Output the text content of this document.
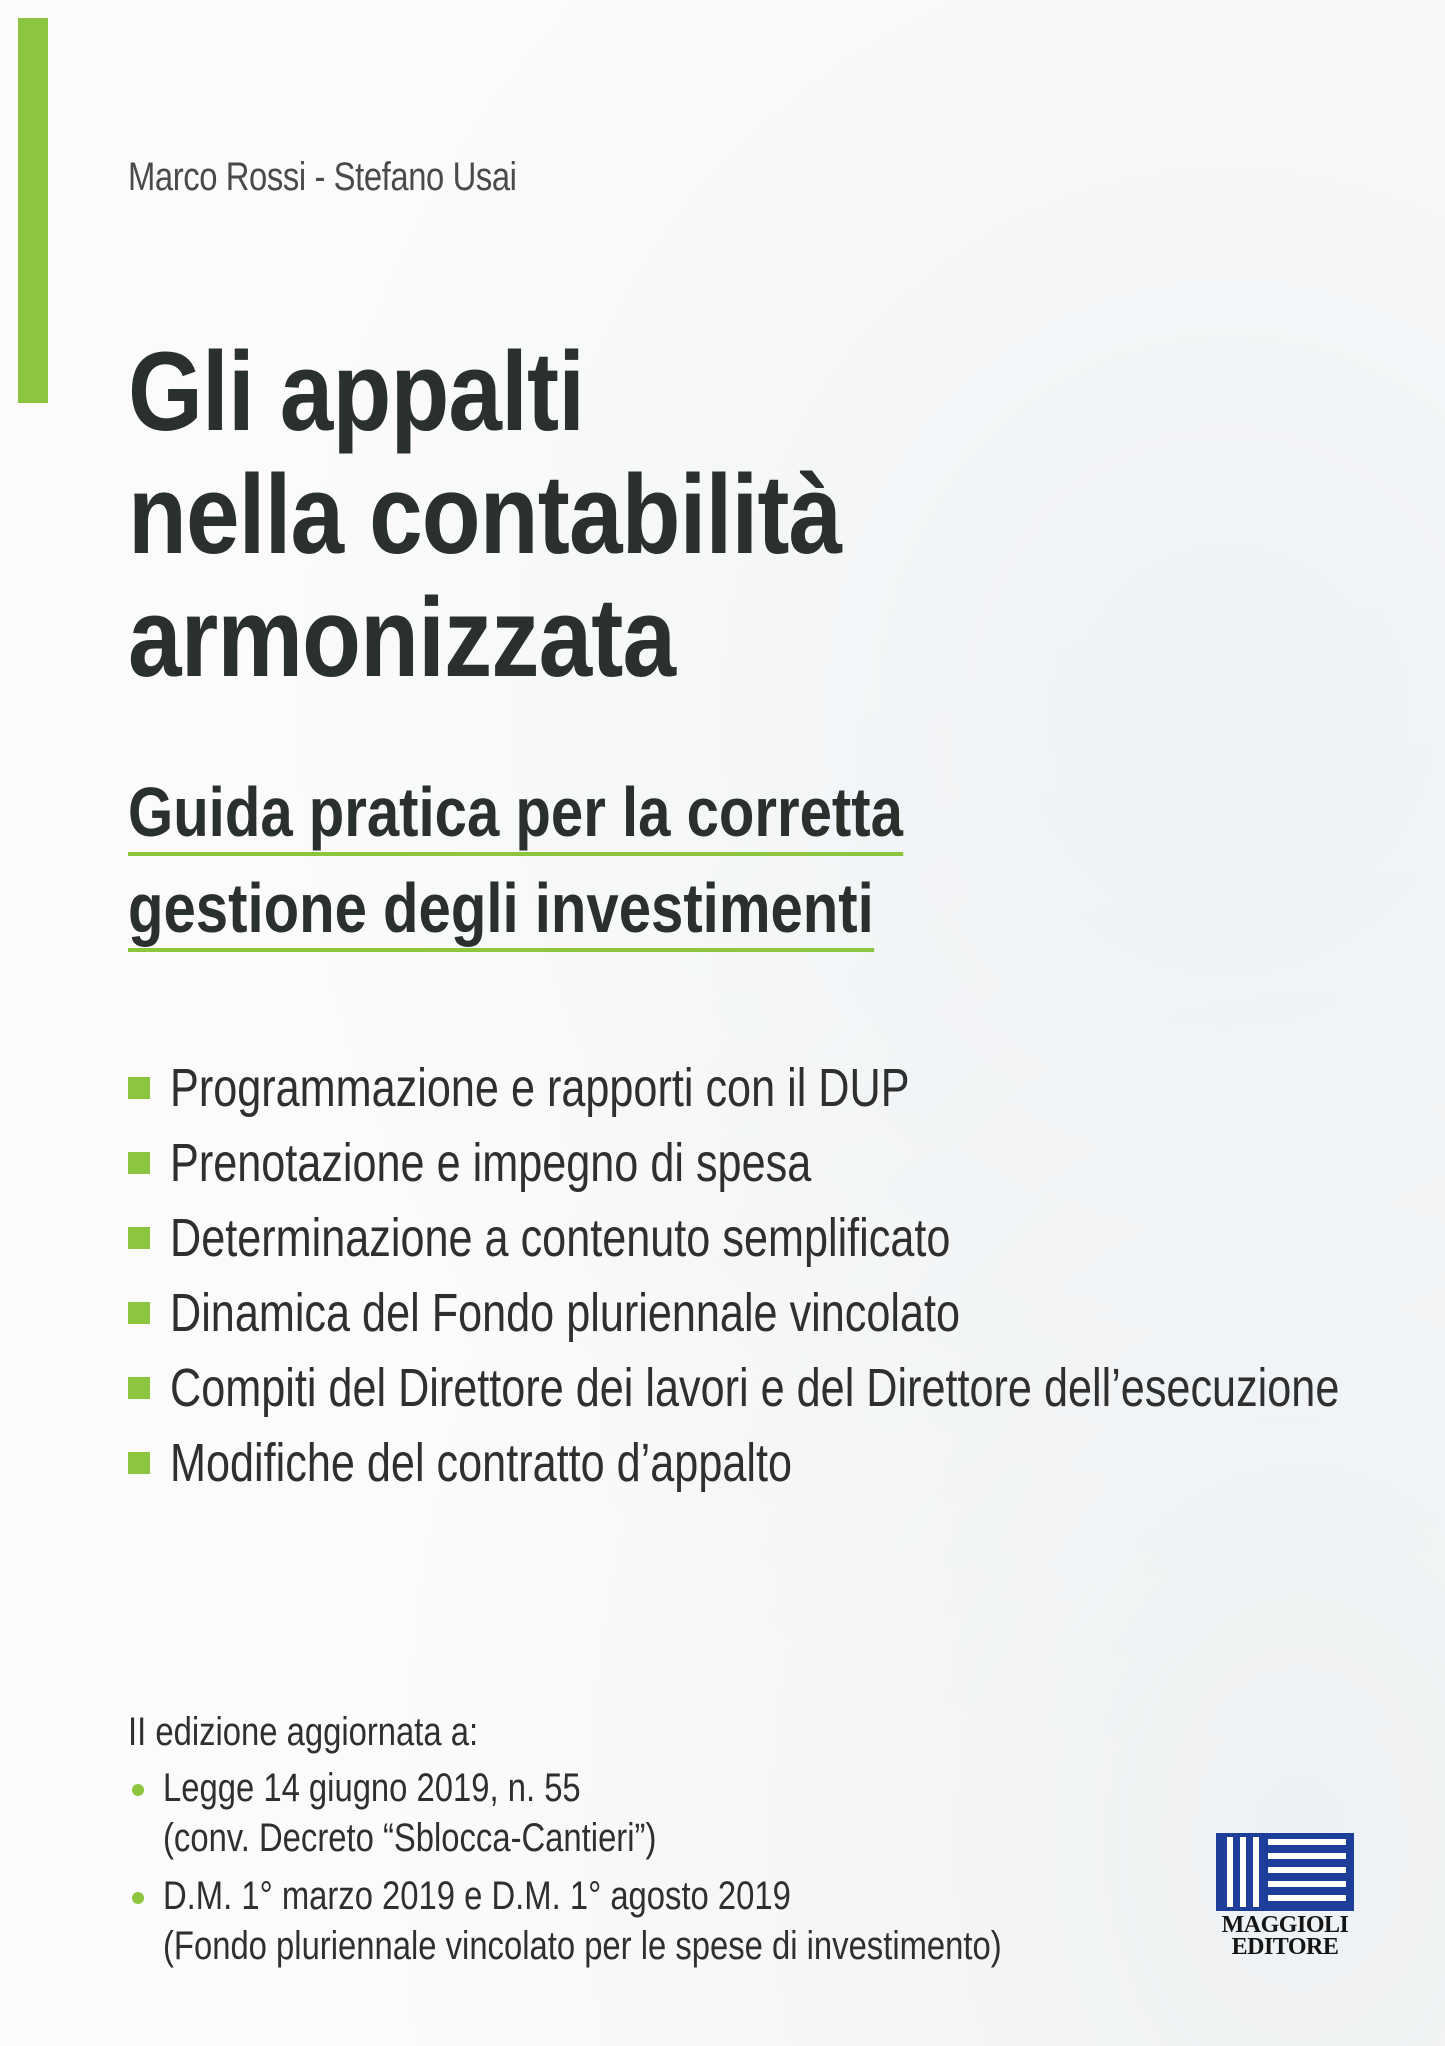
Marco Rossi - Stefano Usai
Gli appalti
nella contabilità
armonizzata
Guida pratica per la corretta
gestione degli investimenti
Programmazione e rapporti con il DUP
Prenotazione e impegno di spesa
Determinazione a contenuto semplificato
Dinamica del Fondo pluriennale vincolato
Compiti del Direttore dei lavori e del Direttore dell’esecuzione
Modifiche del contratto d’appalto
II edizione aggiornata a:
Legge 14 giugno 2019, n. 55
(conv. Decreto “Sblocca-Cantieri”)
D.M. 1° marzo 2019 e D.M. 1° agosto 2019
(Fondo pluriennale vincolato per le spese di investimento)	MAGGIOLI
EDITORE
